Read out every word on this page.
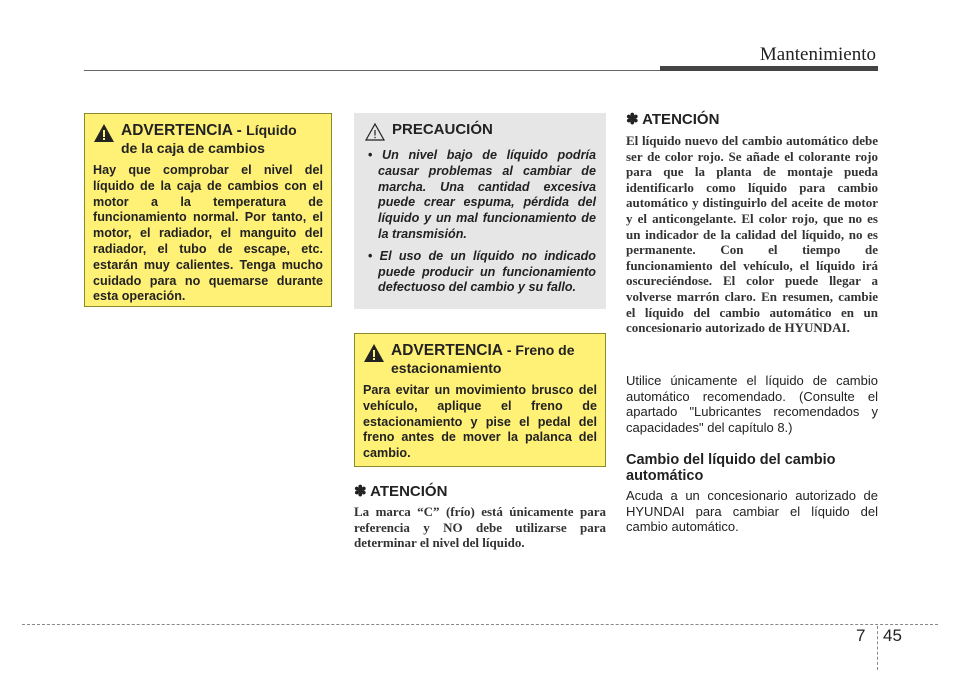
Mantenimiento
ADVERTENCIA - Líquido
de la caja de cambios
Hay que comprobar el nivel del líquido de la caja de cambios con el motor a la temperatura de funcionamiento normal. Por tanto, el motor, el radiador, el manguito del radiador, el tubo de escape, etc. estarán muy calientes. Tenga mucho cuidado para no quemarse durante esta operación.
PRECAUCIÓN
• Un nivel bajo de líquido podría causar problemas al cambiar de marcha. Una cantidad excesiva puede crear espuma, pérdida del líquido y un mal funcionamiento de la transmisión.
• El uso de un líquido no indicado puede producir un funcionamiento defectuoso del cambio y su fallo.
ADVERTENCIA - Freno de
estacionamiento
Para evitar un movimiento brusco del vehículo, aplique el freno de estacionamiento y pise el pedal del freno antes de mover la palanca del cambio.
✽ ATENCIÓN
La marca “C” (frío) está únicamente para referencia y NO debe utilizarse para determinar el nivel del líquido.
✽ ATENCIÓN
El líquido nuevo del cambio automático debe ser de color rojo. Se añade el colorante rojo para que la planta de montaje pueda identificarlo como líquido para cambio automático y distinguirlo del aceite de motor y el anticongelante. El color rojo, que no es un indicador de la calidad del líquido, no es permanente. Con el tiempo de funcionamiento del vehículo, el líquido irá oscureciéndose. El color puede llegar a volverse marrón claro. En resumen, cambie el líquido del cambio automático en un concesionario autorizado de HYUNDAI.
Utilice únicamente el líquido de cambio automático recomendado. (Consulte el apartado "Lubricantes recomendados y capacidades" del capítulo 8.)
Cambio del líquido del cambio automático
Acuda a un concesionario autorizado de HYUNDAI para cambiar el líquido del cambio automático.
7 45
